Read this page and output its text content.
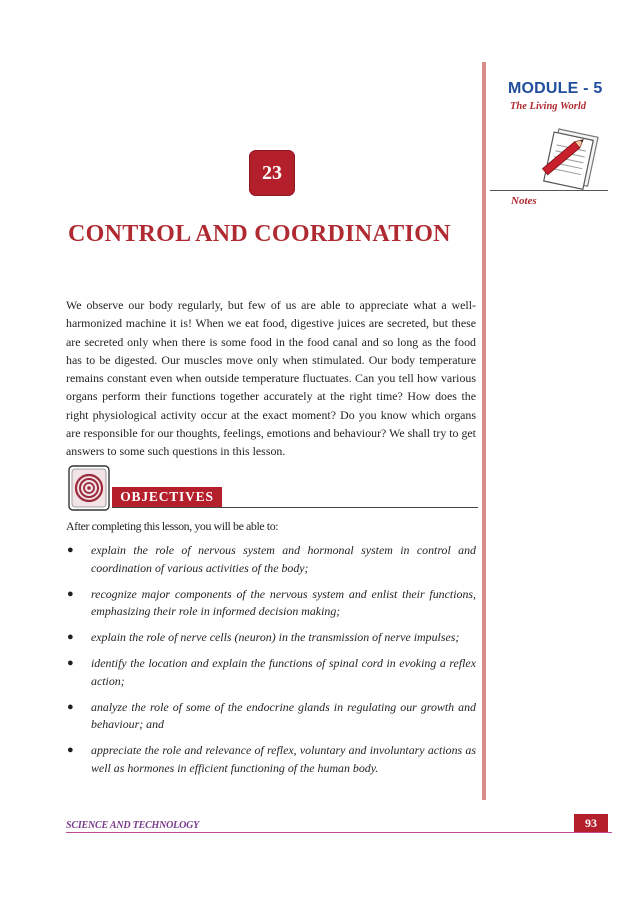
MODULE - 5
The Living World
Notes
23
CONTROL AND COORDINATION

We observe our body regularly, but few of us are able to appreciate what a well-harmonized machine it is! When we eat food, digestive juices are secreted, but these are secreted only when there is some food in the food canal and so long as the food has to be digested. Our muscles move only when stimulated. Our body temperature remains constant even when outside temperature fluctuates. Can you tell how various organs perform their functions together accurately at the right time? How does the right physiological activity occur at the exact moment? Do you know which organs are responsible for our thoughts, feelings, emotions and behaviour? We shall try to get answers to some such questions in this lesson.

OBJECTIVES

After completing this lesson, you will be able to:

● explain the role of nervous system and hormonal system in control and coordination of various activities of the body;
● recognize major components of the nervous system and enlist their functions, emphasizing their role in informed decision making;
● explain the role of nerve cells (neuron) in the transmission of nerve impulses;
● identify the location and explain the functions of spinal cord in evoking a reflex action;
● analyze the role of some of the endocrine glands in regulating our growth and behaviour; and
● appreciate the role and relevance of reflex, voluntary and involuntary actions as well as hormones in efficient functioning of the human body.
SCIENCE AND TECHNOLOGY	93
